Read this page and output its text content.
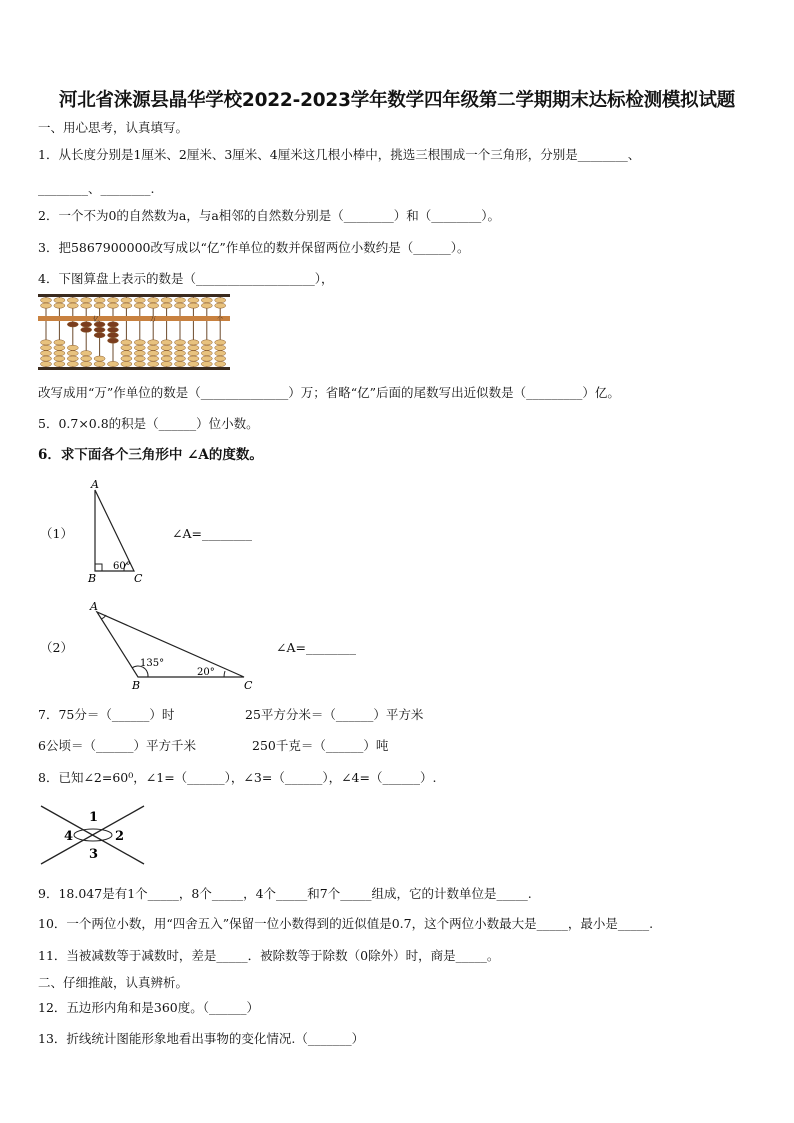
河北省涞源县晶华学校2022-2023学年数学四年级第二学期期末达标检测模拟试题
一、用心思考，认真填写。
1．从长度分别是1厘米、2厘米、3厘米、4厘米这几根小棒中，挑选三根围成一个三角形，分别是________、
________、________.
2．一个不为0的自然数为a，与a相邻的自然数分别是（________）和（________）。
3．把5867900000改写成以“亿”作单位的数并保留两位小数约是（______）。
4．下图算盘上表示的数是（___________________），
亿	万	个
改写成用“万”作单位的数是（______________）万；省略“亿”后面的尾数写出近似数是（_________）亿。
5．0.7×0.8的积是（______）位小数。
6．求下面各个三角形中 ∠A的度数。
（1）
A
B	C
60°
∠A=________
（2）
A
B	C
135°
20°
∠A=________
7．75分＝（______）时	25平方分米＝（______）平方米
6公顷＝（______）平方千米	250千克＝（______）吨
8．已知∠2=60⁰，∠1=（______），∠3=（______），∠4=（______）.
1
2
3
4
9．18.047是有1个_____，8个_____，4个_____和7个_____组成，它的计数单位是_____.
10．一个两位小数，用“四舍五入”保留一位小数得到的近似值是0.7，这个两位小数最大是_____，最小是_____.
11．当被减数等于减数时，差是_____．被除数等于除数（0除外）时，商是_____。
二、仔细推敲，认真辨析。
12．五边形内角和是360度。（______）
13．折线统计图能形象地看出事物的变化情况.（_______）
